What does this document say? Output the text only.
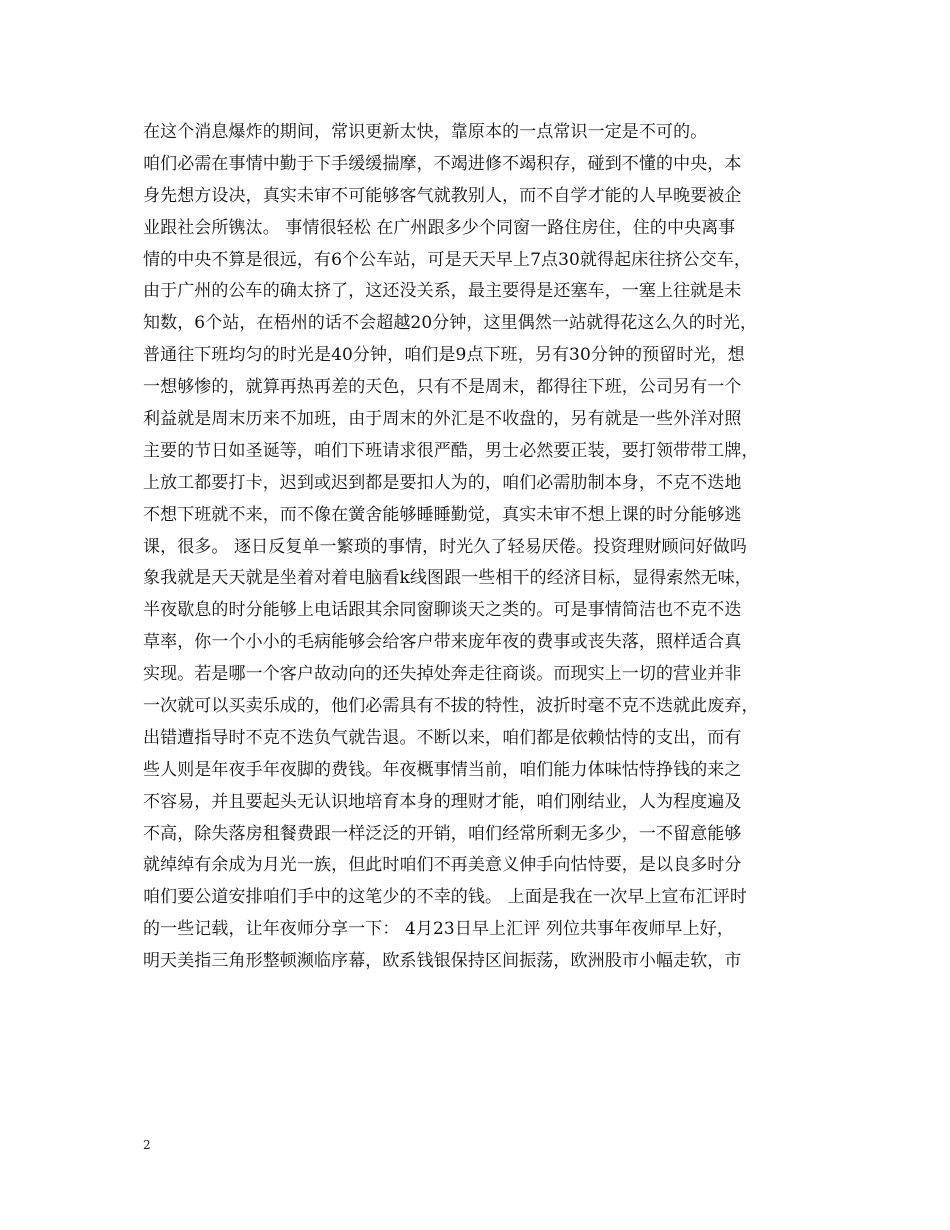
在这个消息爆炸的期间，常识更新太快，靠原本的一点常识一定是不可的。
咱们必需在事情中勤于下手缓缓揣摩，不竭进修不竭积存，碰到不懂的中央，本
身先想方设决，真实未审不可能够客气就教别人，而不自学才能的人早晚要被企
业跟社会所镌汰。 事情很轻松 在广州跟多少个同窗一路住房住，住的中央离事
情的中央不算是很远，有6个公车站，可是天天早上7点30就得起床往挤公交车，
由于广州的公车的确太挤了，这还没关系，最主要得是还塞车，一塞上往就是未
知数，6个站，在梧州的话不会超越20分钟，这里偶然一站就得花这么久的时光，
普通往下班均匀的时光是40分钟，咱们是9点下班，另有30分钟的预留时光，想
一想够惨的，就算再热再差的天色，只有不是周末，都得往下班，公司另有一个
利益就是周末历来不加班，由于周末的外汇是不收盘的，另有就是一些外洋对照
主要的节日如圣诞等，咱们下班请求很严酷，男士必然要正装，要打领带带工牌，
上放工都要打卡，迟到或迟到都是要扣人为的，咱们必需肋制本身，不克不迭地
不想下班就不来，而不像在黉舍能够睡睡勤觉，真实未审不想上课的时分能够逃
课，很多。 逐日反复单一繁琐的事情，时光久了轻易厌倦。投资理财顾问好做吗
象我就是天天就是坐着对着电脑看k线图跟一些相干的经济目标，显得索然无味，
半夜歇息的时分能够上电话跟其余同窗聊谈天之类的。可是事情简洁也不克不迭
草率，你一个小小的毛病能够会给客户带来庞年夜的费事或丧失落，照样适合真
实现。若是哪一个客户故动向的还失掉处奔走往商谈。而现实上一切的营业并非
一次就可以买卖乐成的，他们必需具有不拔的特性，波折时毫不克不迭就此废弃，
出错遭指导时不克不迭负气就告退。不断以来，咱们都是依赖怙恃的支出，而有
些人则是年夜手年夜脚的费钱。年夜概事情当前，咱们能力体味怙恃挣钱的来之
不容易，并且要起头无认识地培育本身的理财才能，咱们刚结业，人为程度遍及
不高，除失落房租餐费跟一样泛泛的开销，咱们经常所剩无多少，一不留意能够
就绰绰有余成为月光一族，但此时咱们不再美意义伸手向怙恃要，是以良多时分
咱们要公道安排咱们手中的这笔少的不幸的钱。 上面是我在一次早上宣布汇评时
的一些记载，让年夜师分享一下： 4月23日早上汇评 列位共事年夜师早上好，
明天美指三角形整顿濒临序幕，欧系钱银保持区间振荡，欧洲股市小幅走软，市
2
